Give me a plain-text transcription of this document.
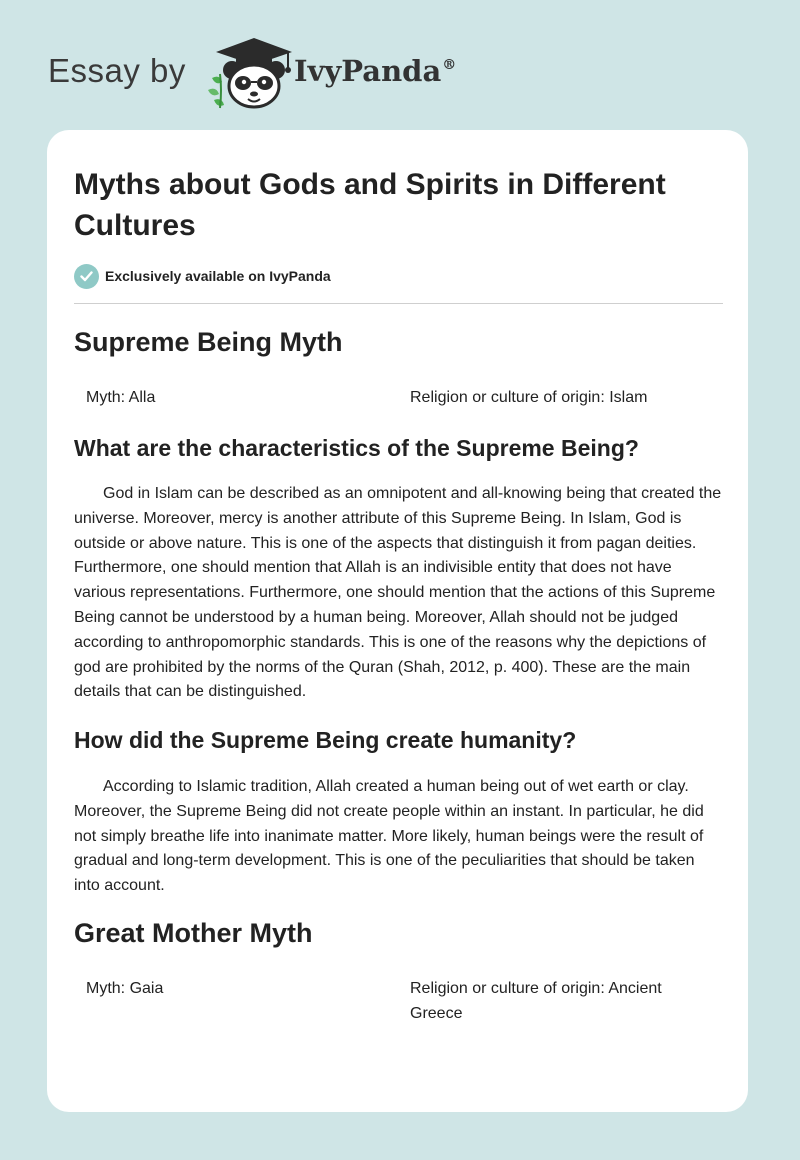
Essay by	IvyPanda®
Myths about Gods and Spirits in Different Cultures
Exclusively available on IvyPanda
Supreme Being Myth
Myth: Alla	Religion or culture of origin: Islam
What are the characteristics of the Supreme Being?

God in Islam can be described as an omnipotent and all-knowing being that created the universe. Moreover, mercy is another attribute of this Supreme Being. In Islam, God is outside or above nature. This is one of the aspects that distinguish it from pagan deities. Furthermore, one should mention that Allah is an indivisible entity that does not have various representations. Furthermore, one should mention that the actions of this Supreme Being cannot be understood by a human being. Moreover, Allah should not be judged according to anthropomorphic standards. This is one of the reasons why the depictions of god are prohibited by the norms of the Quran (Shah, 2012, p. 400). These are the main details that can be distinguished.

How did the Supreme Being create humanity?

According to Islamic tradition, Allah created a human being out of wet earth or clay. Moreover, the Supreme Being did not create people within an instant. In particular, he did not simply breathe life into inanimate matter. More likely, human beings were the result of gradual and long-term development. This is one of the peculiarities that should be taken into account.

Great Mother Myth
Myth: Gaia	Religion or culture of origin: Ancient Greece
